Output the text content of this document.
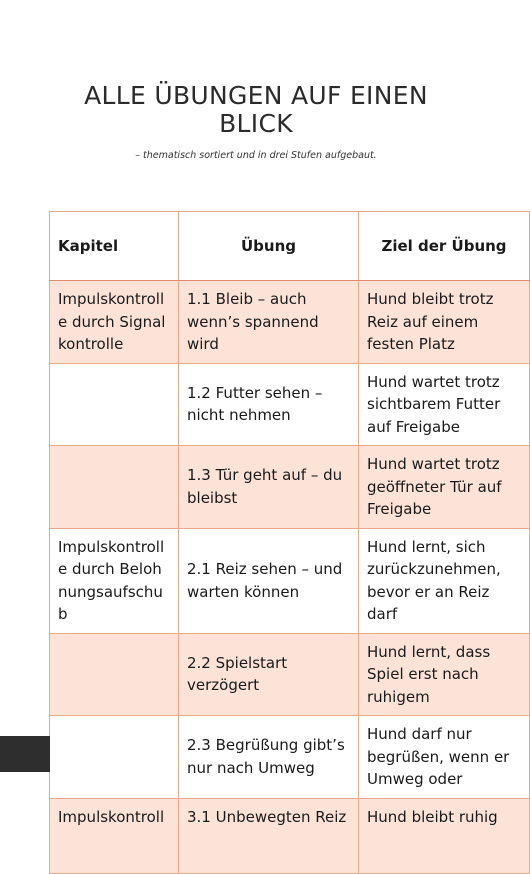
ALLE ÜBUNGEN AUF EINEN BLICK
– thematisch sortiert und in drei Stufen aufgebaut.
Kapitel	Übung	Ziel der Übung
Impulskontrolle durch Signalkontrolle	1.1 Bleib – auch wenn’s spannend wird	Hund bleibt trotz Reiz auf einem festen Platz
	1.2 Futter sehen – nicht nehmen	Hund wartet trotz sichtbarem Futter auf Freigabe
	1.3 Tür geht auf – du bleibst	Hund wartet trotz geöffneter Tür auf Freigabe
Impulskontrolle durch Belohnungsaufschub	2.1 Reiz sehen – und warten können	Hund lernt, sich zurückzunehmen, bevor er an Reiz darf
	2.2 Spielstart verzögert	Hund lernt, dass Spiel erst nach ruhigem
	2.3 Begrüßung gibt’s nur nach Umweg	Hund darf nur begrüßen, wenn er Umweg oder
Impulskontroll	3.1 Unbewegten Reiz	Hund bleibt ruhig
